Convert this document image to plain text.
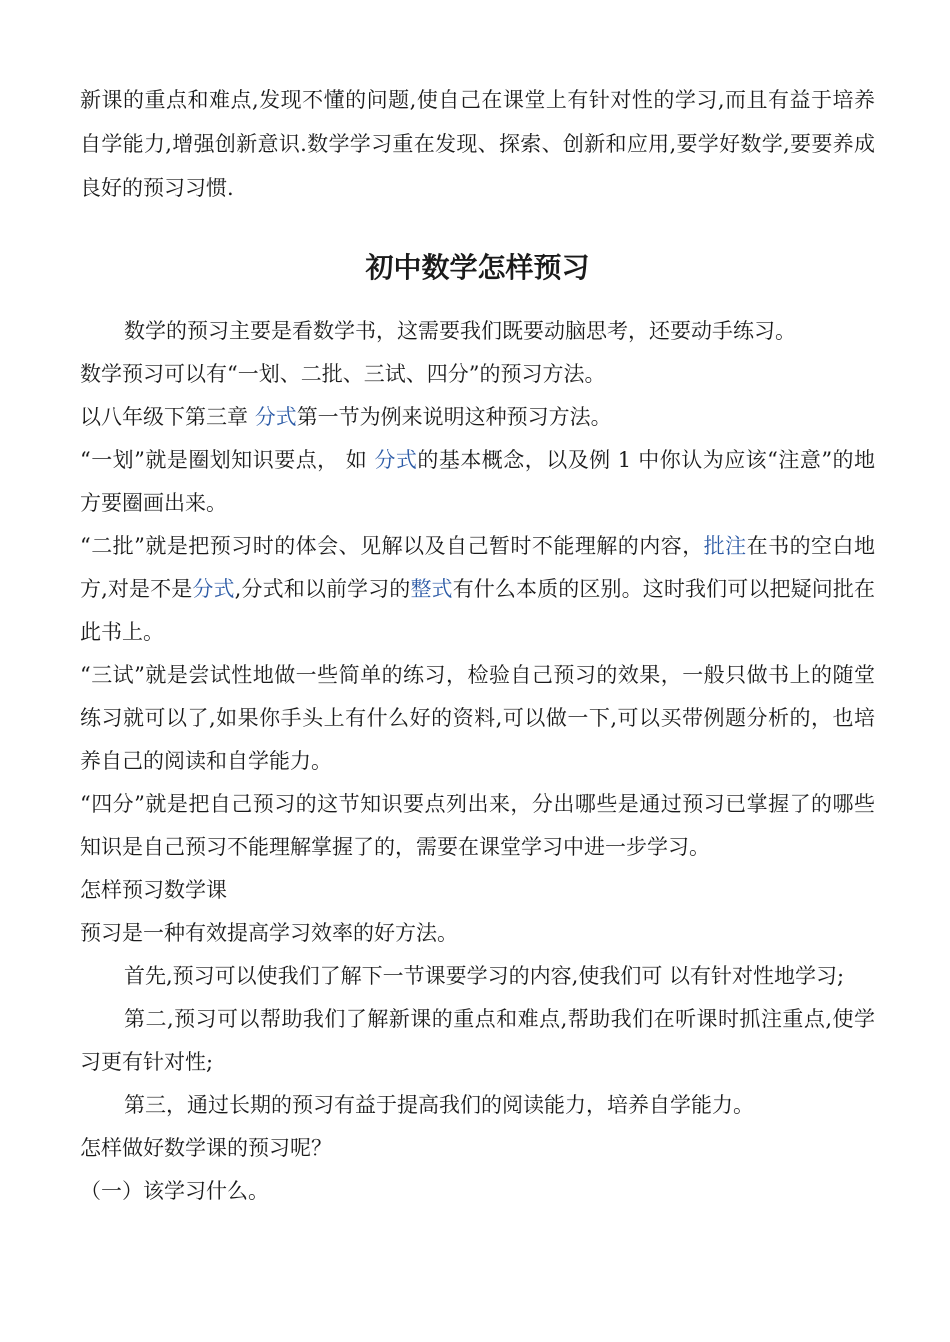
新课的重点和难点,发现不懂的问题,使自己在课堂上有针对性的学习,而且有益于培养自学能力,增强创新意识.数学学习重在发现、探索、创新和应用,要学好数学,要要养成良好的预习习惯.

初中数学怎样预习

数学的预习主要是看数学书，这需要我们既要动脑思考，还要动手练习。

数学预习可以有“一划、二批、三试、四分”的预习方法。

以八年级下第三章 分式第一节为例来说明这种预习方法。

“一划”就是圈划知识要点， 如 分式的基本概念，以及例 1 中你认为应该“注意”的地方要圈画出来。

“二批”就是把预习时的体会、见解以及自己暂时不能理解的内容，批注在书的空白地方,对是不是分式,分式和以前学习的整式有什么本质的区别。这时我们可以把疑问批在此书上。

“三试”就是尝试性地做一些简单的练习，检验自己预习的效果，一般只做书上的随堂练习就可以了,如果你手头上有什么好的资料,可以做一下,可以买带例题分析的，也培养自己的阅读和自学能力。

“四分”就是把自己预习的这节知识要点列出来，分出哪些是通过预习已掌握了的哪些知识是自己预习不能理解掌握了的，需要在课堂学习中进一步学习。

怎样预习数学课

预习是一种有效提高学习效率的好方法。

首先,预习可以使我们了解下一节课要学习的内容,使我们可 以有针对性地学习;

第二,预习可以帮助我们了解新课的重点和难点,帮助我们在听课时抓注重点,使学习更有针对性;

第三，通过长期的预习有益于提高我们的阅读能力，培养自学能力。

怎样做好数学课的预习呢？

（一）该学习什么。
